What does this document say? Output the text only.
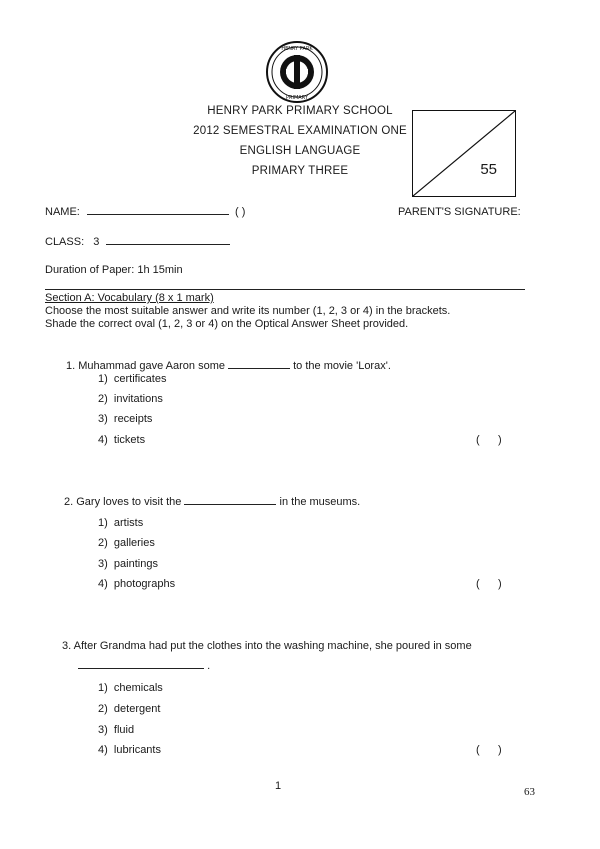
HENRY PARK
PRIMARY
HENRY PARK PRIMARY SCHOOL
2012 SEMESTRAL EXAMINATION ONE
ENGLISH LANGUAGE
PRIMARY THREE	55
NAME:	( )	PARENT'S SIGNATURE:
CLASS: 3
Duration of Paper: 1h 15min
Section A: Vocabulary (8 x 1 mark)
Choose the most suitable answer and write its number (1, 2, 3 or 4) in the brackets.
Shade the correct oval (1, 2, 3 or 4) on the Optical Answer Sheet provided.
1. Muhammad gave Aaron some	to the movie 'Lorax'.
1) certificates
2) invitations
3) receipts
4) tickets	(      )
2. Gary loves to visit the	in the museums.
1) artists
2) galleries
3) paintings
4) photographs	(      )
3. After Grandma had put the clothes into the washing machine, she poured in some
.
1) chemicals
2) detergent
3) fluid
4) lubricants	(      )
1	63
